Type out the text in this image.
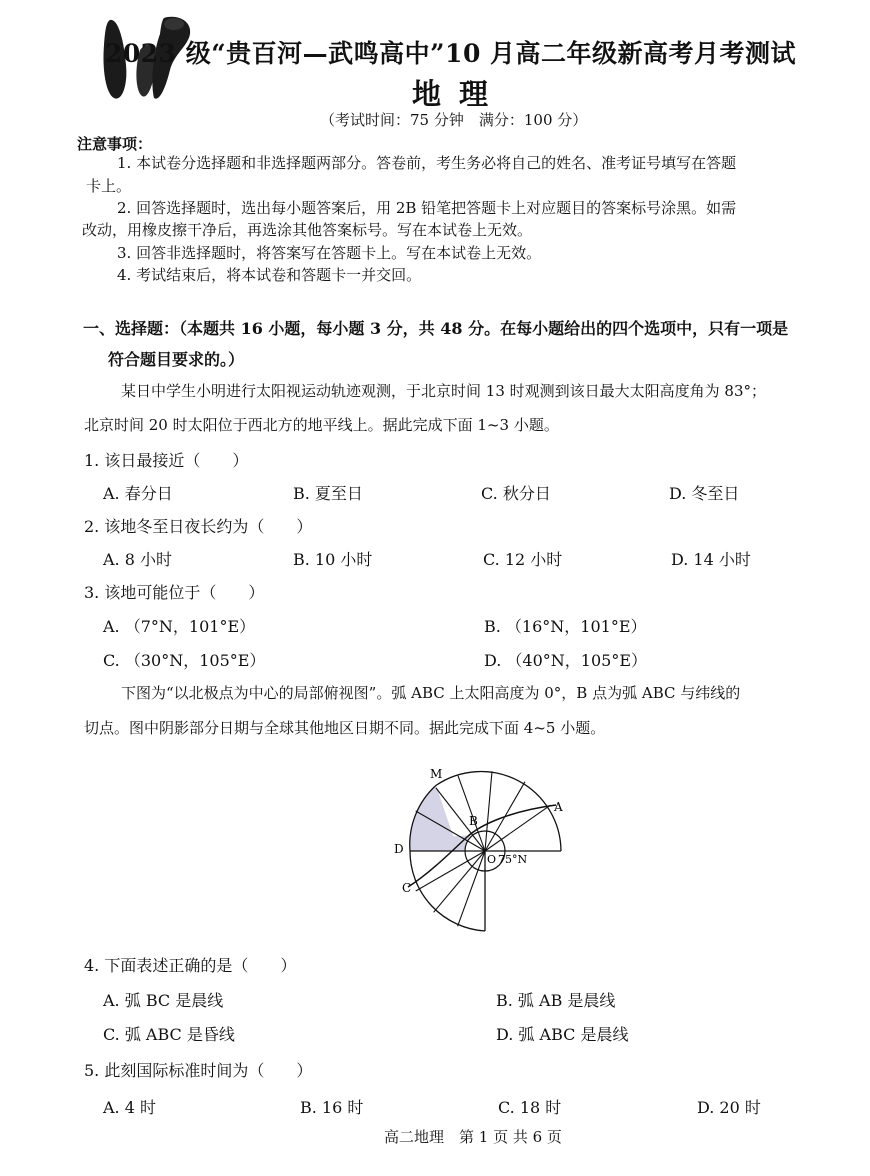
2023 级“贵百河—武鸣高中”10 月高二年级新高考月考测试
地理
（考试时间：75 分钟　满分：100 分）
注意事项：
1. 本试卷分选择题和非选择题两部分。答卷前，考生务必将自己的姓名、准考证号填写在答题
卡上。
2. 回答选择题时，选出每小题答案后，用 2B 铅笔把答题卡上对应题目的答案标号涂黑。如需
改动，用橡皮擦干净后，再选涂其他答案标号。写在本试卷上无效。
3. 回答非选择题时，将答案写在答题卡上。写在本试卷上无效。
4. 考试结束后，将本试卷和答题卡一并交回。
一、选择题：（本题共 16 小题，每小题 3 分，共 48 分。在每小题给出的四个选项中，只有一项是
符合题目要求的。）
某日中学生小明进行太阳视运动轨迹观测，于北京时间 13 时观测到该日最大太阳高度角为 83°；
北京时间 20 时太阳位于西北方的地平线上。据此完成下面 1~3 小题。
1. 该日最接近（　　）
A. 春分日	B. 夏至日	C. 秋分日	D. 冬至日
2. 该地冬至日夜长约为（　　）
A. 8 小时	B. 10 小时	C. 12 小时	D. 14 小时
3. 该地可能位于（　　）
A. （7°N，101°E）	B. （16°N，101°E）
C. （30°N，105°E）	D. （40°N，105°E）
下图为“以北极点为中心的局部俯视图”。弧 ABC 上太阳高度为 0°，B 点为弧 ABC 与纬线的
切点。图中阴影部分日期与全球其他地区日期不同。据此完成下面 4~5 小题。
M
A
B
C
D
O 75°N
4. 下面表述正确的是（　　）
A. 弧 BC 是晨线	B. 弧 AB 是晨线
C. 弧 ABC 是昏线	D. 弧 ABC 是晨线
5. 此刻国际标准时间为（　　）
A. 4 时	B. 16 时	C. 18 时	D. 20 时
高二地理　第 1 页 共 6 页
